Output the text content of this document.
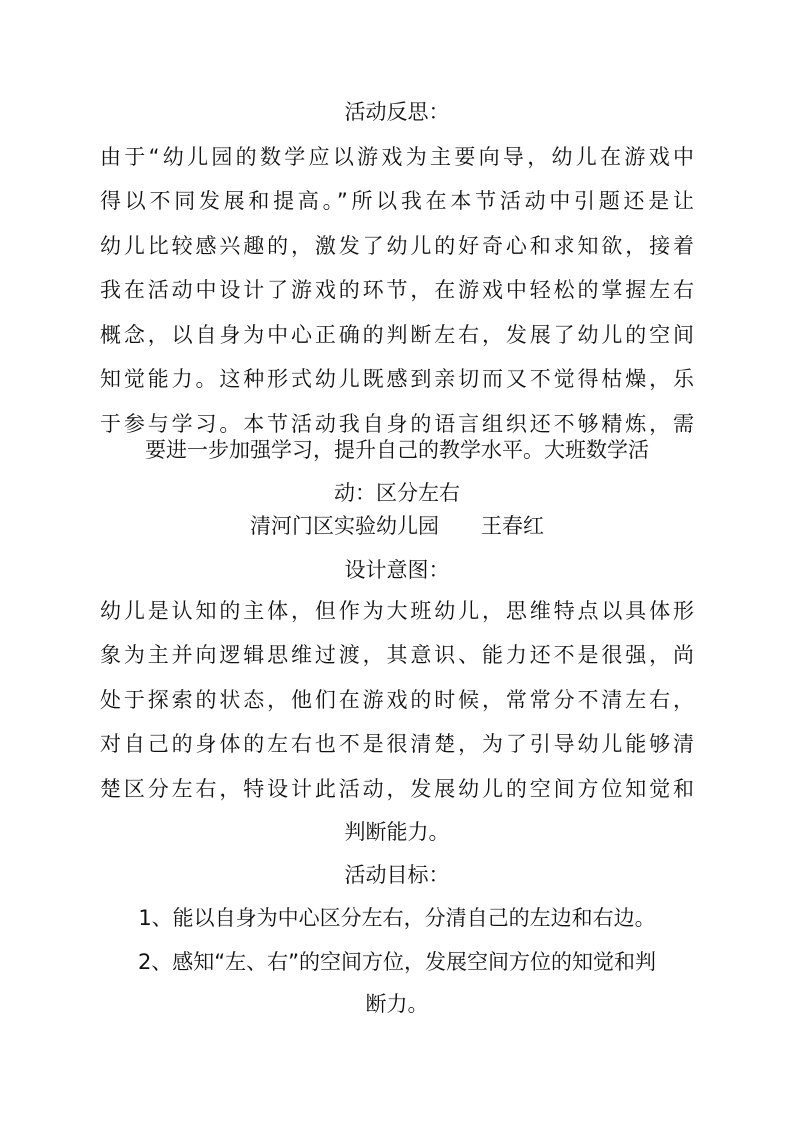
活动反思：
由于“幼儿园的数学应以游戏为主要向导，幼儿在游戏中
得以不同发展和提高。”所以我在本节活动中引题还是让
幼儿比较感兴趣的，激发了幼儿的好奇心和求知欲，接着
我在活动中设计了游戏的环节，在游戏中轻松的掌握左右
概念，以自身为中心正确的判断左右，发展了幼儿的空间
知觉能力。这种形式幼儿既感到亲切而又不觉得枯燥，乐
于参与学习。本节活动我自身的语言组织还不够精炼，需
要进一步加强学习，提升自己的教学水平。大班数学活
动：区分左右
清河门区实验幼儿园　　王春红
设计意图：
幼儿是认知的主体，但作为大班幼儿，思维特点以具体形
象为主并向逻辑思维过渡，其意识、能力还不是很强，尚
处于探索的状态，他们在游戏的时候，常常分不清左右，
对自己的身体的左右也不是很清楚，为了引导幼儿能够清
楚区分左右，特设计此活动，发展幼儿的空间方位知觉和
判断能力。
活动目标：
1、能以自身为中心区分左右，分清自己的左边和右边。
2、感知“左、右”的空间方位，发展空间方位的知觉和判
断力。
